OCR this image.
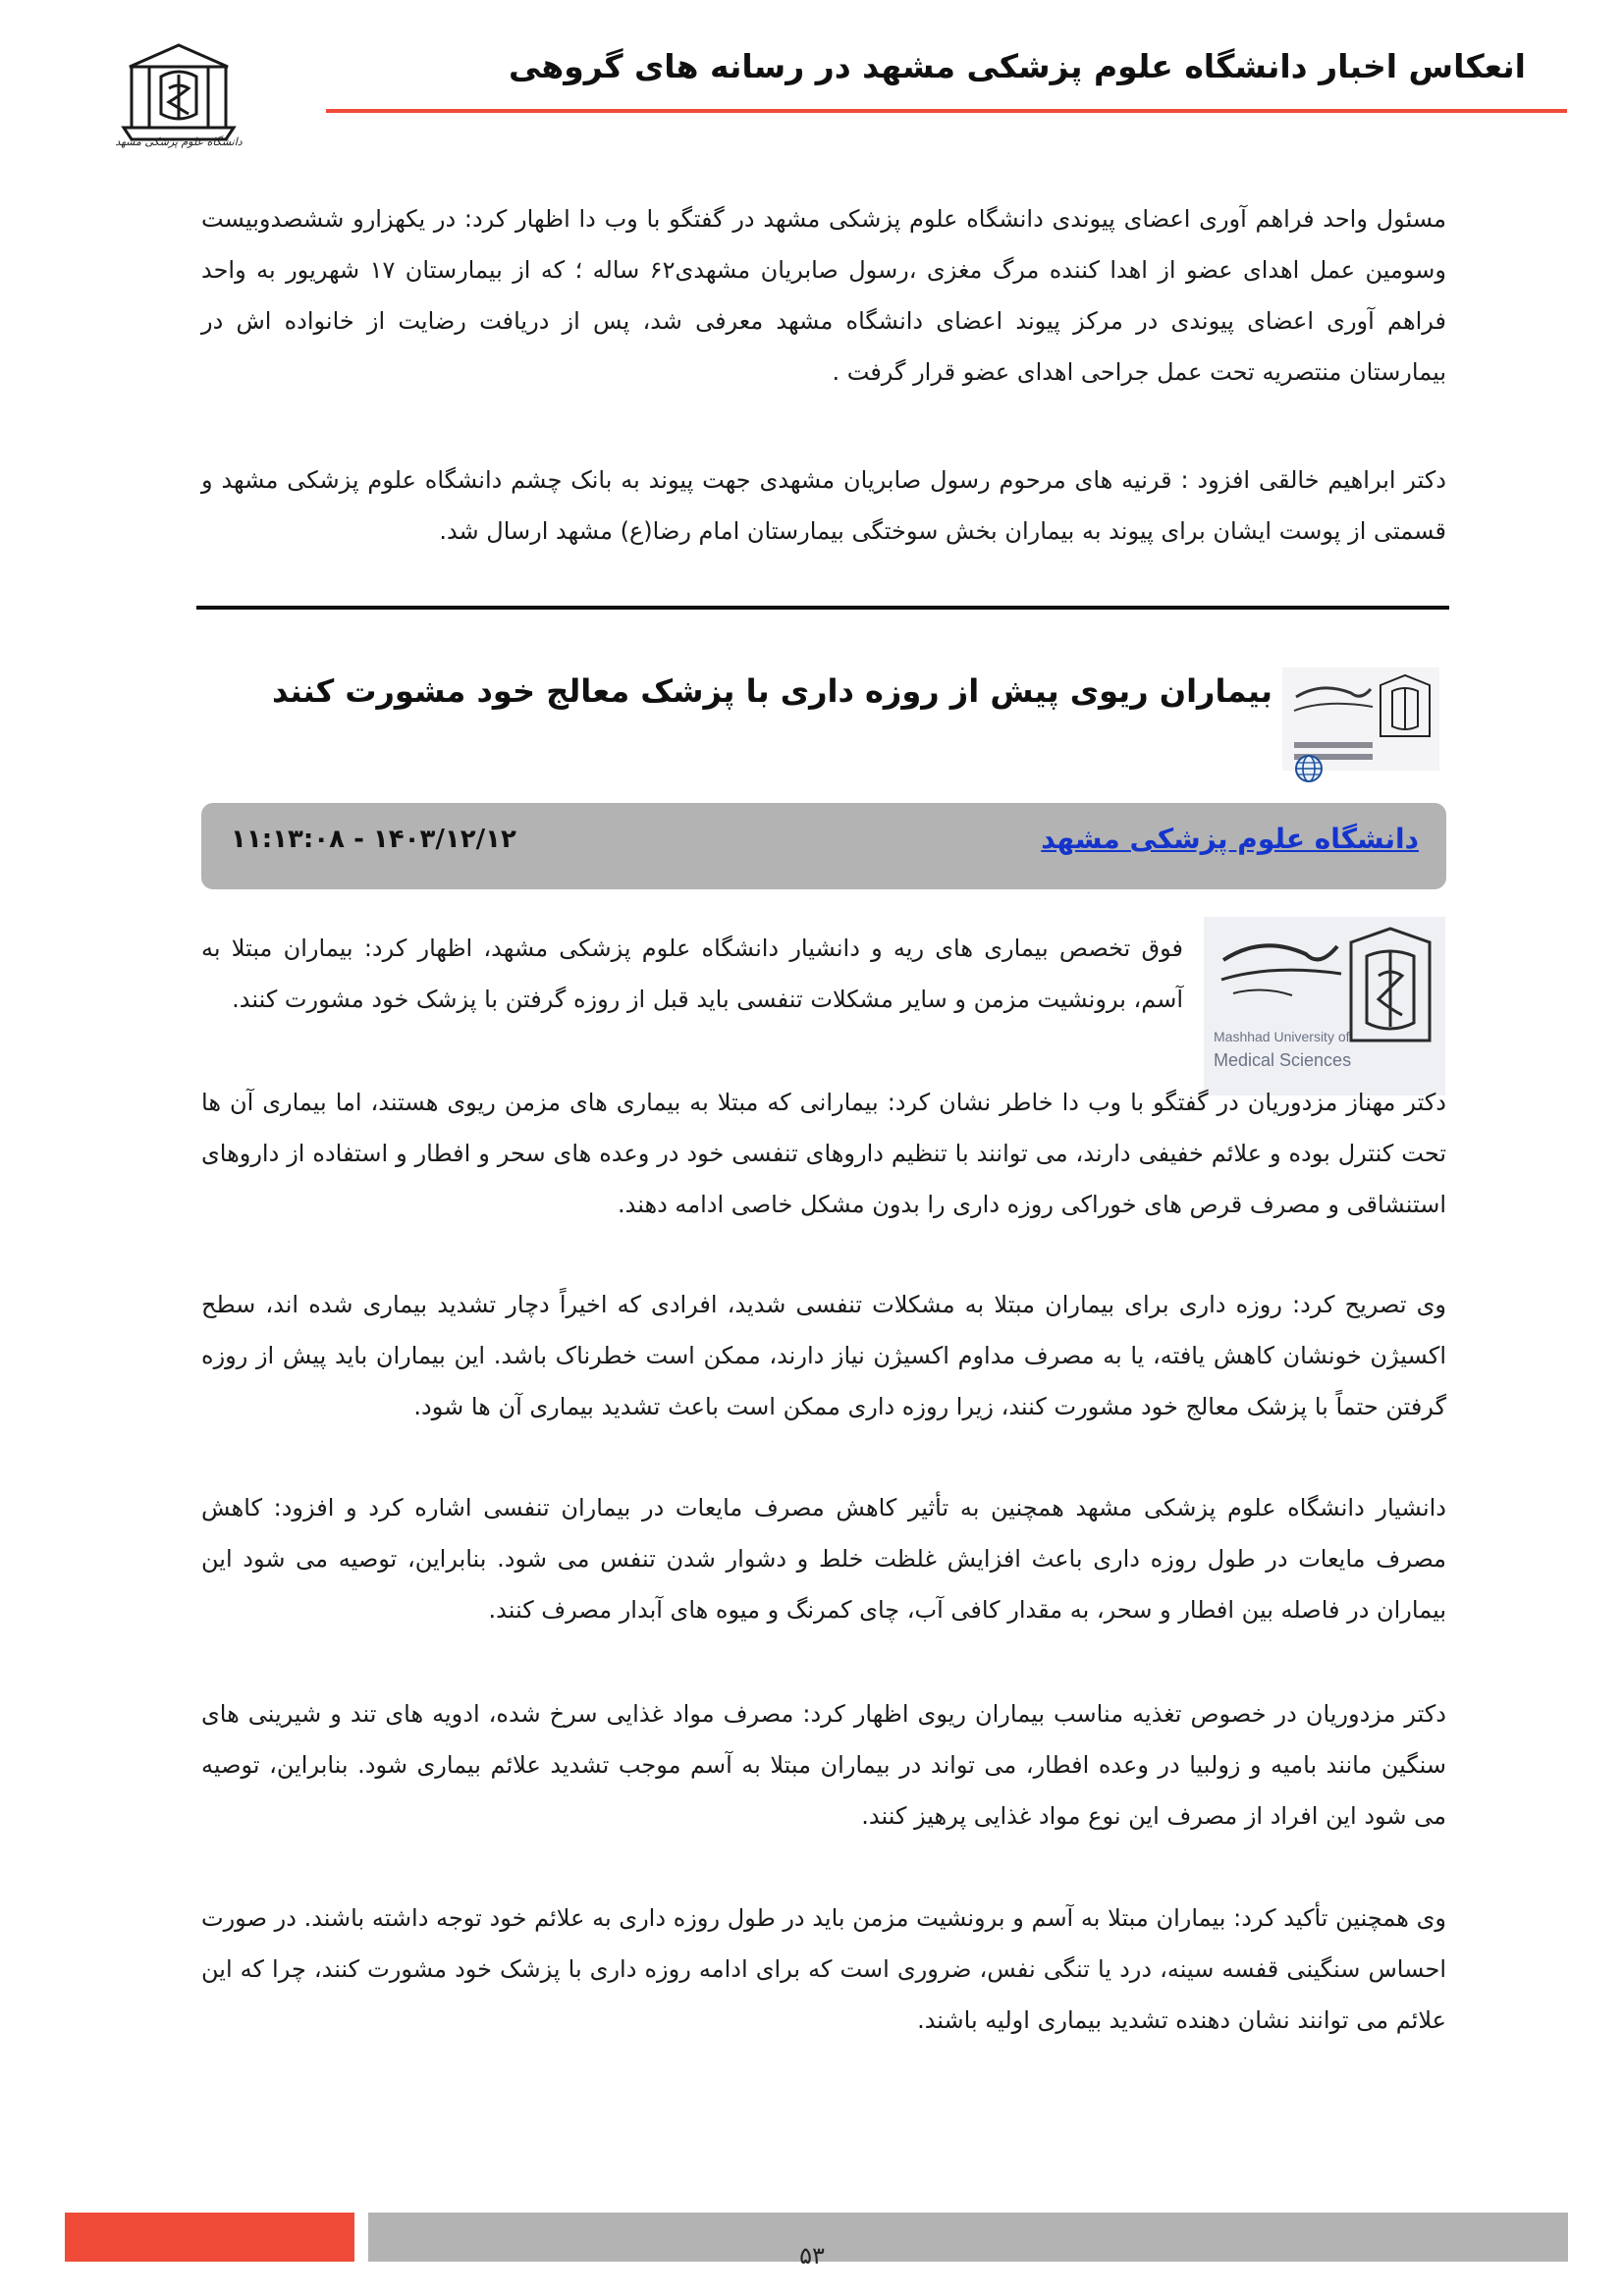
دانشگاه علوم پزشکی مشهد
انعکاس اخبار دانشگاه علوم پزشکی مشهد در رسانه های گروهی
مسئول واحد فراهم آوری اعضای پیوندی دانشگاه علوم پزشکی مشهد در گفتگو با وب دا اظهار کرد: در یکهزارو ششصدوبیست وسومین عمل اهدای عضو از اهدا کننده مرگ مغزی ،رسول صابریان مشهدی۶۲ ساله ؛ که از بیمارستان ۱۷ شهریور به واحد فراهم آوری اعضای پیوندی در مرکز پیوند اعضای دانشگاه مشهد معرفی شد، پس از دریافت رضایت از خانواده اش در بیمارستان منتصریه تحت عمل جراحی اهدای عضو قرار گرفت .
دکتر ابراهیم خالقی افزود : قرنیه های مرحوم رسول صابریان مشهدی جهت پیوند به بانک چشم دانشگاه علوم پزشکی مشهد و قسمتی از پوست ایشان برای پیوند به بیماران بخش سوختگی بیمارستان امام رضا(ع) مشهد ارسال شد.
بیماران ریوی پیش از روزه داری با پزشک معالج خود مشورت کنند
دانشگاه علوم پزشکی مشهد
۱۴۰۳/۱۲/۱۲ - ۱۱:۱۳:۰۸
Mashhad University of
Medical Sciences
فوق تخصص بیماری های ریه و دانشیار دانشگاه علوم پزشکی مشهد، اظهار کرد: بیماران مبتلا به آسم، برونشیت مزمن و سایر مشکلات تنفسی باید قبل از روزه گرفتن با پزشک خود مشورت کنند.
دکتر مهناز مزدوریان در گفتگو با وب دا خاطر نشان کرد: بیمارانی که مبتلا به بیماری های مزمن ریوی هستند، اما بیماری آن ها تحت کنترل بوده و علائم خفیفی دارند، می توانند با تنظیم داروهای تنفسی خود در وعده های سحر و افطار و استفاده از داروهای استنشاقی و مصرف قرص های خوراکی روزه داری را بدون مشکل خاصی ادامه دهند.
وی تصریح کرد: روزه داری برای بیماران مبتلا به مشکلات تنفسی شدید، افرادی که اخیراً دچار تشدید بیماری شده اند، سطح اکسیژن خونشان کاهش یافته، یا به مصرف مداوم اکسیژن نیاز دارند، ممکن است خطرناک باشد. این بیماران باید پیش از روزه گرفتن حتماً با پزشک معالج خود مشورت کنند، زیرا روزه داری ممکن است باعث تشدید بیماری آن ها شود.
دانشیار دانشگاه علوم پزشکی مشهد همچنین به تأثیر کاهش مصرف مایعات در بیماران تنفسی اشاره کرد و افزود: کاهش مصرف مایعات در طول روزه داری باعث افزایش غلظت خلط و دشوار شدن تنفس می شود. بنابراین، توصیه می شود این بیماران در فاصله بین افطار و سحر، به مقدار کافی آب، چای کمرنگ و میوه های آبدار مصرف کنند.
دکتر مزدوریان در خصوص تغذیه مناسب بیماران ریوی اظهار کرد: مصرف مواد غذایی سرخ شده، ادویه های تند و شیرینی های سنگین مانند بامیه و زولبیا در وعده افطار، می تواند در بیماران مبتلا به آسم موجب تشدید علائم بیماری شود. بنابراین، توصیه می شود این افراد از مصرف این نوع مواد غذایی پرهیز کنند.
وی همچنین تأکید کرد: بیماران مبتلا به آسم و برونشیت مزمن باید در طول روزه داری به علائم خود توجه داشته باشند. در صورت احساس سنگینی قفسه سینه، درد یا تنگی نفس، ضروری است که برای ادامه روزه داری با پزشک خود مشورت کنند، چرا که این علائم می توانند نشان دهنده تشدید بیماری اولیه باشند.
۵۳
